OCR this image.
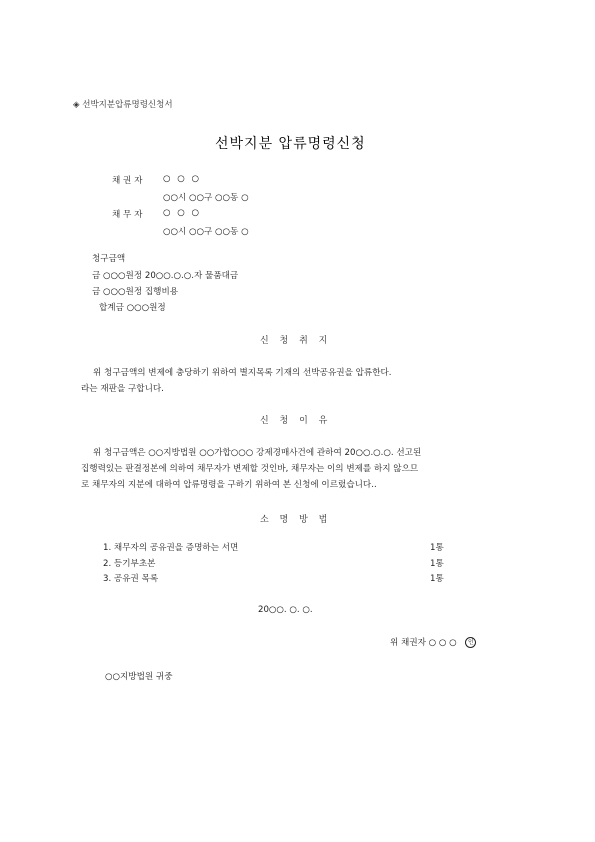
◈ 선박지분압류명령신청서
선박지분 압류명령신청
채 권 자 ○ ○ ○
○○시 ○○구 ○○동 ○
채 무 자 ○ ○ ○
○○시 ○○구 ○○동 ○
청구금액
금 ○○○원정 20○○.○.○.자 물품대금
금 ○○○원정 집행비용
합계금 ○○○원정
신 청 취 지
위 청구금액의 변제에 충당하기 위하여 별지목록 기재의 선박공유권을 압류한다.
라는 재판을 구합니다.
신 청 이 유
위 청구금액은 ○○지방법원 ○○가합○○○ 강제경매사건에 관하여 20○○.○.○. 선고된
집행력있는 판결정본에 의하여 채무자가 변제할 것인바, 채무자는 이의 변제를 하지 않으므
로 채무자의 지분에 대하여 압류명령을 구하기 위하여 본 신청에 이르렀습니다..
소 명 방 법
1. 채무자의 공유권을 증명하는 서면	1통
2. 등기부초본	1통
3. 공유권 목록	1통
20○○. ○. ○.
위 채권자 ○ ○ ○ 인
○○지방법원 귀중
